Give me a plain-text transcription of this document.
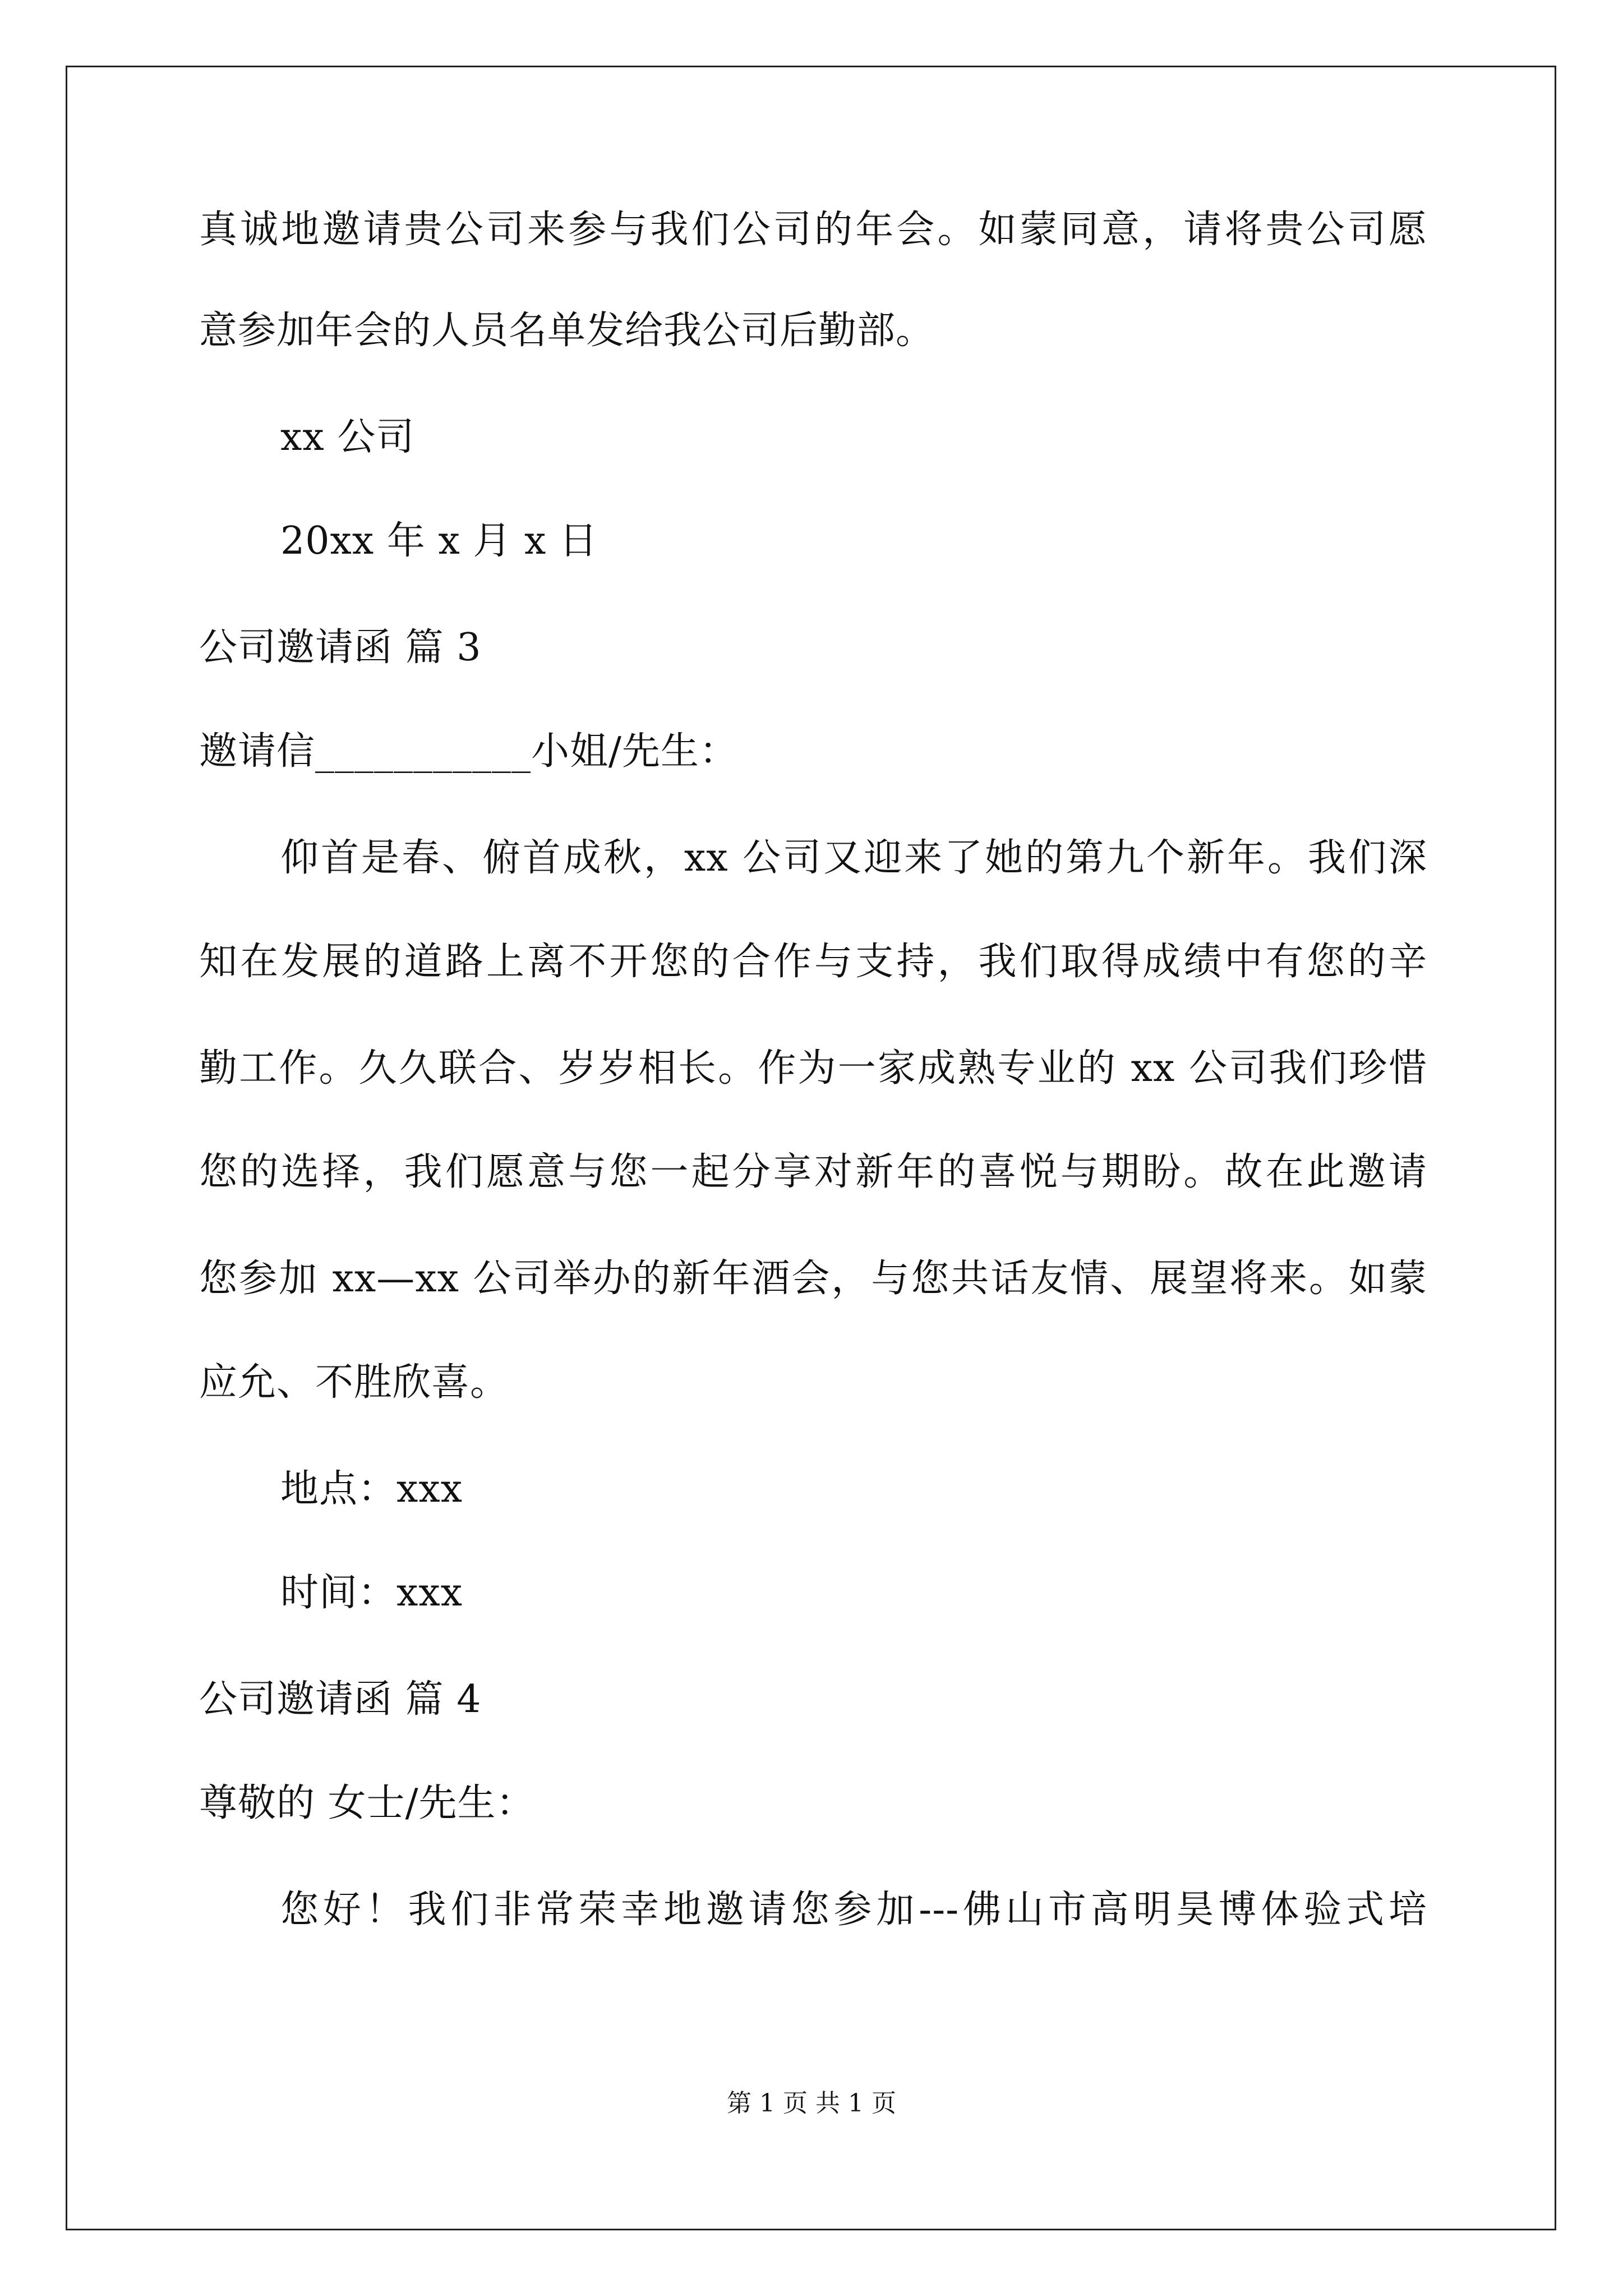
真诚地邀请贵公司来参与我们公司的年会。如蒙同意，请将贵公司愿
意参加年会的人员名单发给我公司后勤部。
xx 公司
20xx 年 x 月 x 日
公司邀请函 篇 3
邀请信___________小姐/先生：
仰首是春、俯首成秋，xx 公司又迎来了她的第九个新年。我们深
知在发展的道路上离不开您的合作与支持，我们取得成绩中有您的辛
勤工作。久久联合、岁岁相长。作为一家成熟专业的 xx 公司我们珍惜
您的选择，我们愿意与您一起分享对新年的喜悦与期盼。故在此邀请
您参加 xx—xx 公司举办的新年酒会，与您共话友情、展望将来。如蒙
应允、不胜欣喜。
地点：xxx
时间：xxx
公司邀请函 篇 4
尊敬的 女士/先生：
您好！我们非常荣幸地邀请您参加---佛山市高明昊博体验式培
第 1 页 共 1 页
